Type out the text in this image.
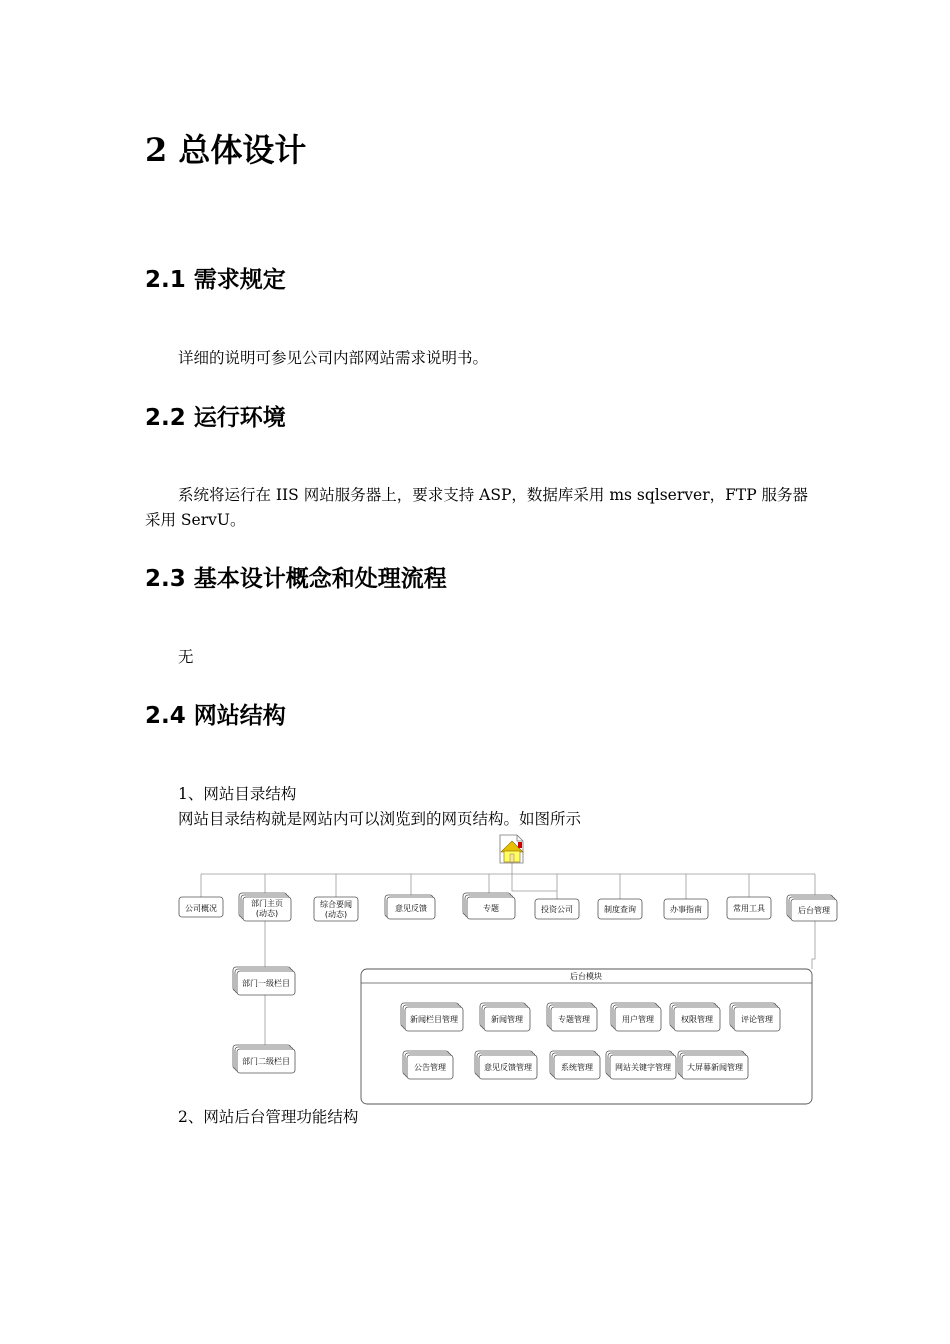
2 总体设计
2.1 需求规定

详细的说明可参见公司内部网站需求说明书。

2.2 运行环境

系统将运行在 IIS 网站服务器上，要求支持 ASP，数据库采用 ms sqlserver，FTP 服务器

采用 ServU。

2.3 基本设计概念和处理流程

无

2.4 网站结构

1、网站目录结构

网站目录结构就是网站内可以浏览到的网页结构。如图所示

公司概况
部门主页
(动态)
综合要闻
(动态)
意见反馈	专题	投资公司	制度查询	办事指南	常用工具	后台管理
部门一级栏目
部门二级栏目
后台模块
新闻栏目管理	新闻管理	专题管理	用户管理	权限管理	评论管理
公告管理	意见反馈管理	系统管理	网站关键字管理 大屏幕新闻管理

2、网站后台管理功能结构
